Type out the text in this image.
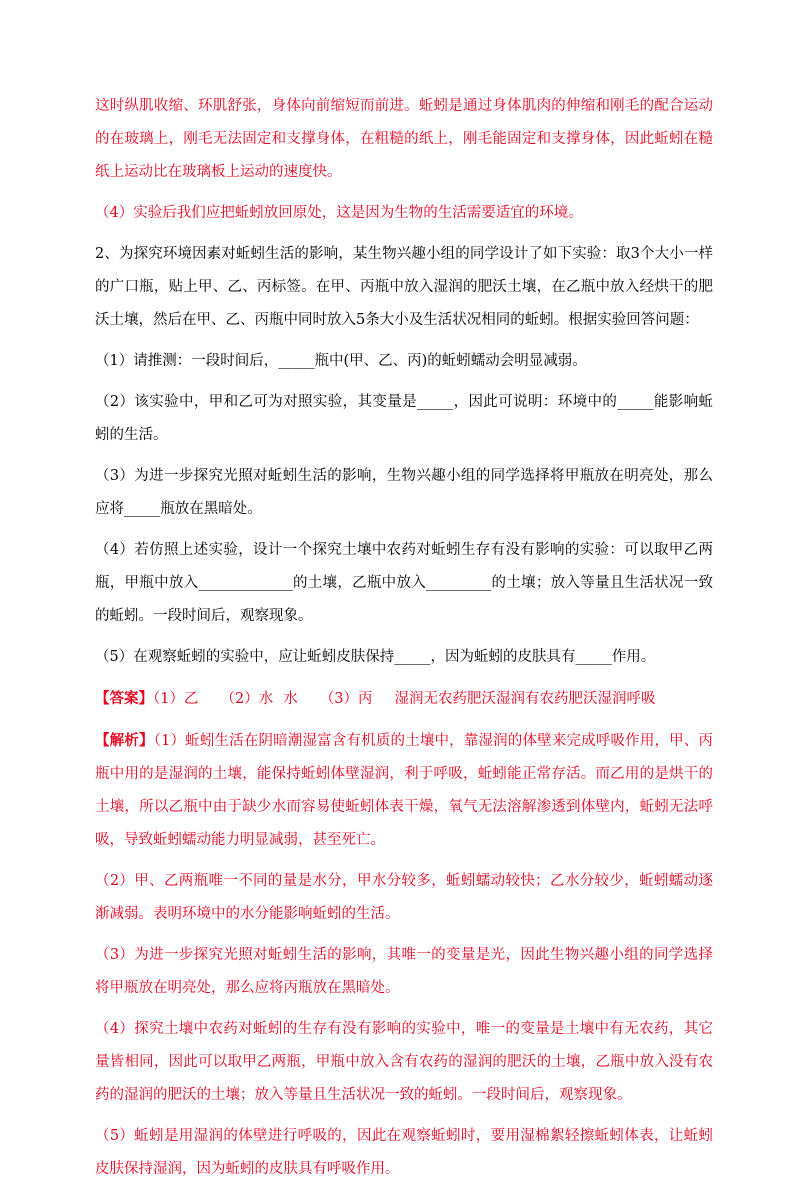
这时纵肌收缩、环肌舒张，身体向前缩短而前进。蚯蚓是通过身体肌肉的伸缩和刚毛的配合运动的在玻璃上，刚毛无法固定和支撑身体，在粗糙的纸上，刚毛能固定和支撑身体，因此蚯蚓在糙纸上运动比在玻璃板上运动的速度快。

（4）实验后我们应把蚯蚓放回原处，这是因为生物的生活需要适宜的环境。

2、为探究环境因素对蚯蚓生活的影响，某生物兴趣小组的同学设计了如下实验：取3个大小一样的广口瓶，贴上甲、乙、丙标签。在甲、丙瓶中放入湿润的肥沃土壤，在乙瓶中放入经烘干的肥沃土壤，然后在甲、乙、丙瓶中同时放入5条大小及生活状况相同的蚯蚓。根据实验回答问题：

（1）请推测：一段时间后，_____瓶中(甲、乙、丙)的蚯蚓蠕动会明显减弱。

（2）该实验中，甲和乙可为对照实验，其变量是_____，因此可说明：环境中的_____能影响蚯蚓的生活。

（3）为进一步探究光照对蚯蚓生活的影响，生物兴趣小组的同学选择将甲瓶放在明亮处，那么应将_____瓶放在黑暗处。

（4）若仿照上述实验，设计一个探究土壤中农药对蚯蚓生存有没有影响的实验：可以取甲乙两瓶，甲瓶中放入_____________的土壤，乙瓶中放入_________的土壤；放入等量且生活状况一致的蚯蚓。一段时间后，观察现象。

（5）在观察蚯蚓的实验中，应让蚯蚓皮肤保持_____，因为蚯蚓的皮肤具有_____作用。

【答案】（1）乙 （2）水 水 （3）丙 湿润无农药肥沃湿润有农药肥沃湿润呼吸

【解析】（1）蚯蚓生活在阴暗潮湿富含有机质的土壤中，靠湿润的体壁来完成呼吸作用，甲、丙瓶中用的是湿润的土壤，能保持蚯蚓体壁湿润，利于呼吸，蚯蚓能正常存活。而乙用的是烘干的土壤，所以乙瓶中由于缺少水而容易使蚯蚓体表干燥，氧气无法溶解渗透到体壁内，蚯蚓无法呼吸，导致蚯蚓蠕动能力明显减弱，甚至死亡。

（2）甲、乙两瓶唯一不同的量是水分，甲水分较多，蚯蚓蠕动较快；乙水分较少，蚯蚓蠕动逐渐减弱。表明环境中的水分能影响蚯蚓的生活。

（3）为进一步探究光照对蚯蚓生活的影响，其唯一的变量是光，因此生物兴趣小组的同学选择将甲瓶放在明亮处，那么应将丙瓶放在黑暗处。

（4）探究土壤中农药对蚯蚓的生存有没有影响的实验中，唯一的变量是土壤中有无农药，其它量皆相同，因此可以取甲乙两瓶，甲瓶中放入含有农药的湿润的肥沃的土壤，乙瓶中放入没有农药的湿润的肥沃的土壤；放入等量且生活状况一致的蚯蚓。一段时间后，观察现象。

（5）蚯蚓是用湿润的体壁进行呼吸的，因此在观察蚯蚓时，要用湿棉絮轻擦蚯蚓体表，让蚯蚓皮肤保持湿润，因为蚯蚓的皮肤具有呼吸作用。
